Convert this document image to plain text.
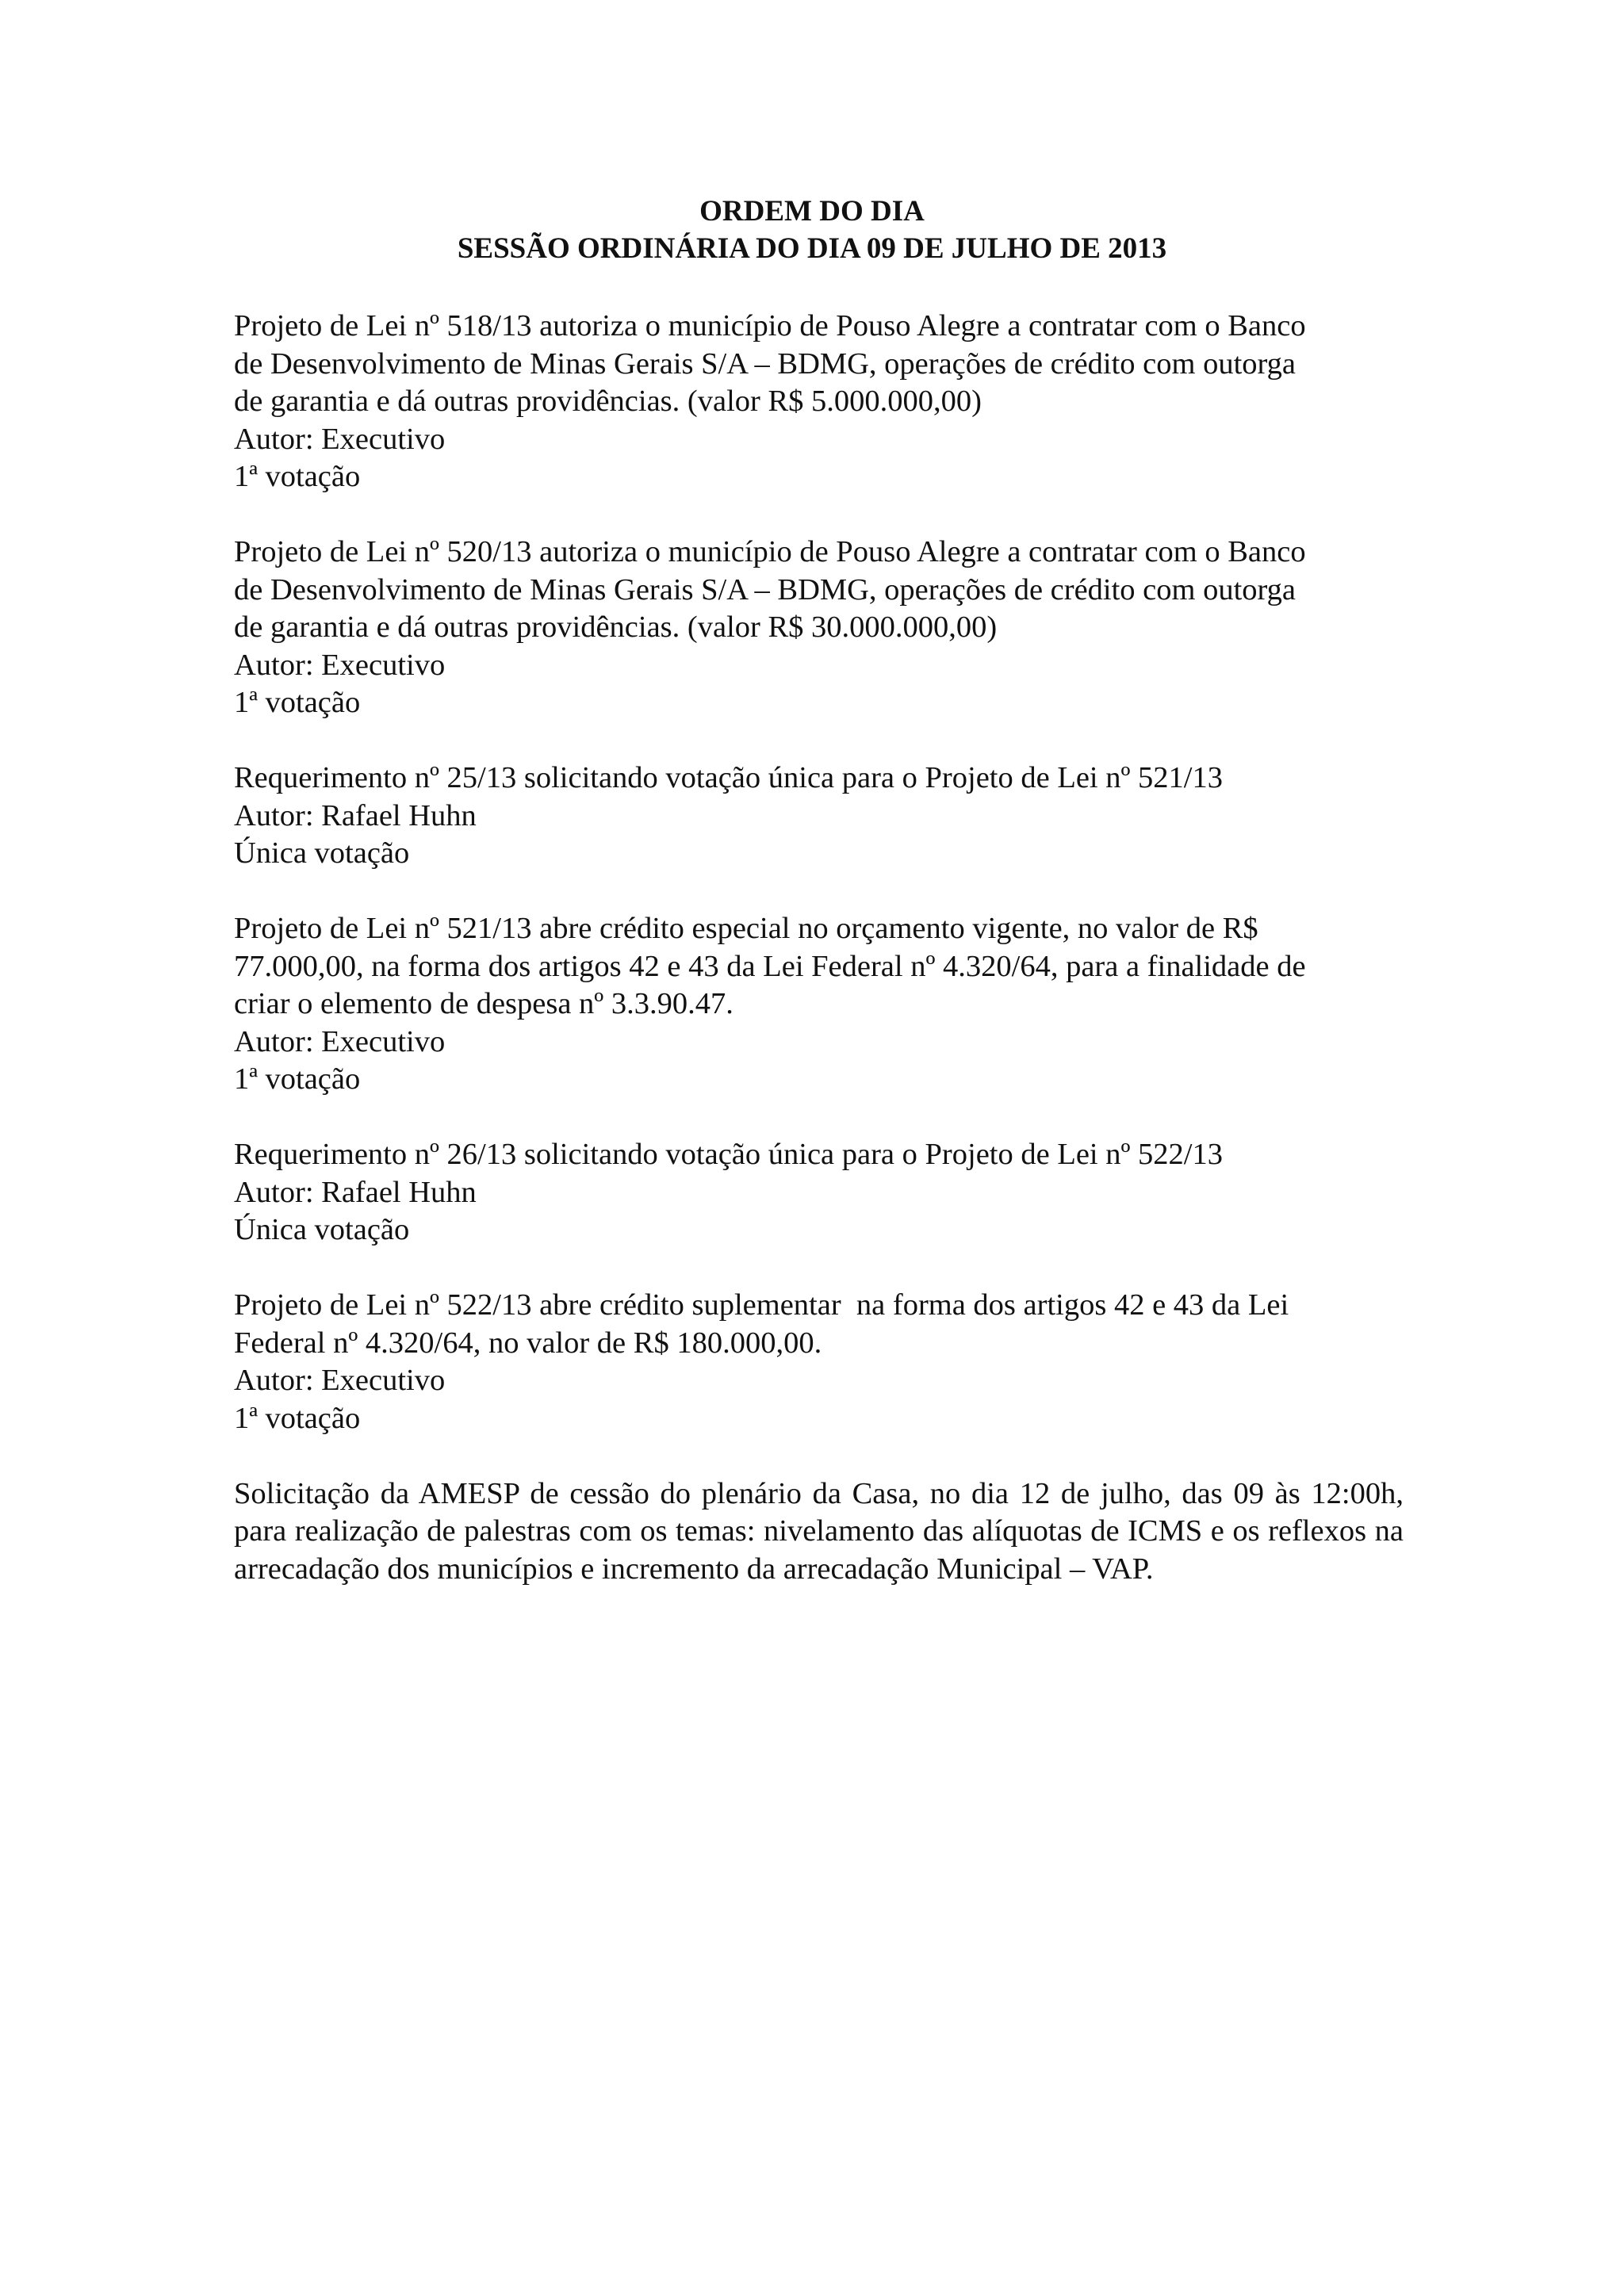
ORDEM DO DIA
SESSÃO ORDINÁRIA DO DIA 09 DE JULHO DE 2013
Projeto de Lei nº 518/13 autoriza o município de Pouso Alegre a contratar com o Banco
de Desenvolvimento de Minas Gerais S/A – BDMG, operações de crédito com outorga
de garantia e dá outras providências. (valor R$ 5.000.000,00)
Autor: Executivo
1ª votação
Projeto de Lei nº 520/13 autoriza o município de Pouso Alegre a contratar com o Banco
de Desenvolvimento de Minas Gerais S/A – BDMG, operações de crédito com outorga
de garantia e dá outras providências. (valor R$ 30.000.000,00)
Autor: Executivo
1ª votação
Requerimento nº 25/13 solicitando votação única para o Projeto de Lei nº 521/13
Autor: Rafael Huhn
Única votação
Projeto de Lei nº 521/13 abre crédito especial no orçamento vigente, no valor de R$
77.000,00, na forma dos artigos 42 e 43 da Lei Federal nº 4.320/64, para a finalidade de
criar o elemento de despesa nº 3.3.90.47.
Autor: Executivo
1ª votação
Requerimento nº 26/13 solicitando votação única para o Projeto de Lei nº 522/13
Autor: Rafael Huhn
Única votação
Projeto de Lei nº 522/13 abre crédito suplementar  na forma dos artigos 42 e 43 da Lei
Federal nº 4.320/64, no valor de R$ 180.000,00.
Autor: Executivo
1ª votação
Solicitação da AMESP de cessão do plenário da Casa, no dia 12 de julho, das 09 às 12:00h, para realização de palestras com os temas: nivelamento das alíquotas de ICMS e os reflexos na arrecadação dos municípios e incremento da arrecadação Municipal – VAP.
